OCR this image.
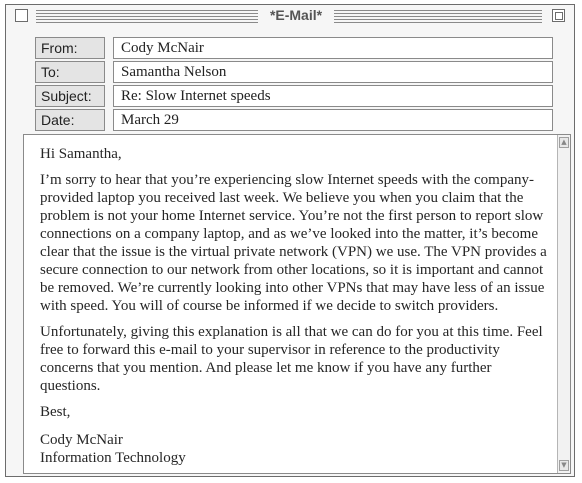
*E-Mail*
From:	Cody McNair
To:	Samantha Nelson
Subject:	Re: Slow Internet speeds
Date:	March 29

Hi Samantha,

I’m sorry to hear that you’re experiencing slow Internet speeds with the company-provided laptop you received last week. We believe you when you claim that the problem is not your home Internet service. You’re not the first person to report slow connections on a company laptop, and as we’ve looked into the matter, it’s become clear that the issue is the virtual private network (VPN) we use. The VPN provides a secure connection to our network from other locations, so it is important and cannot be removed. We’re currently looking into other VPNs that may have less of an issue with speed. You will of course be informed if we decide to switch providers.

Unfortunately, giving this explanation is all that we can do for you at this time. Feel free to forward this e-mail to your supervisor in reference to the productivity concerns that you mention. And please let me know if you have any further questions.

Best,

Cody McNair
Information Technology

▲
▼
